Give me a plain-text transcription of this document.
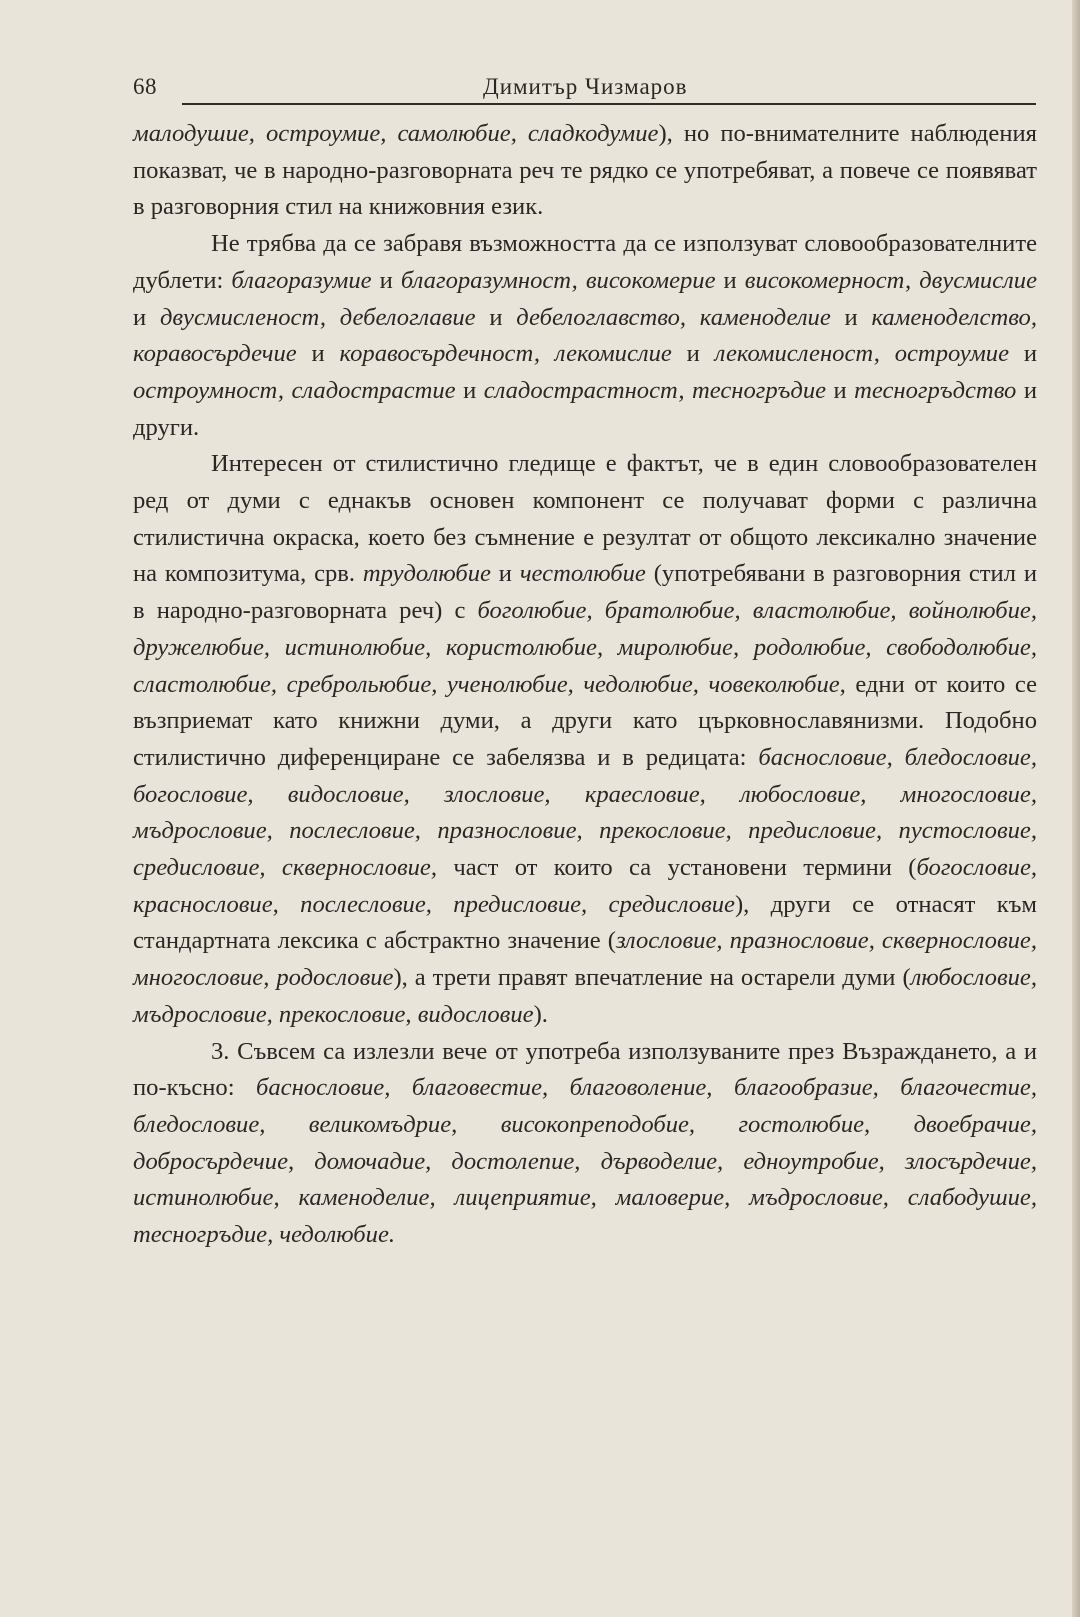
68	Димитър Чизмаров

малодушие, остроумие, самолюбие, сладкодумие), но по-внимателните наблюдения показват, че в народно-разговорната реч те рядко се употребяват, а повече се появяват в разговорния стил на книжовния език.

Не трябва да се забравя възможността да се използуват словообразователните дублети: благоразумие и благоразумност, високомерие и високомерност, двусмислие и двусмисленост, дебелоглавие и дебелоглавство, каменоделие и каменоделство, коравосърдечие и коравосърдечност, лекомислие и лекомисленост, остроумие и остроумност, сладострастие и сладострастност, тесногръдие и тесногръдство и други.

Интересен от стилистично гледище е фактът, че в един словообразователен ред от думи с еднакъв основен компонент се получават форми с различна стилистична окраска, което без съмнение е резултат от общото лексикално значение на композитума, срв. трудолюбие и честолюбие (употребявани в разговорния стил и в народно-разговорната реч) с боголюбие, братолюбие, властолюбие, войнолюбие, дружелюбие, истинолюбие, користолюбие, миролюбие, родолюбие, свободолюбие, сластолюбие, среброльюбие, ученолюбие, чедолюбие, човеколюбие, едни от които се възприемат като книжни думи, а други като църковнославянизми. Подобно стилистично диференциране се забелязва и в редицата: баснословие, бледословие, богословие, видословие, злословие, краесловие, любословие, многословие, мъдрословие, послесловие, празнословие, прекословие, предисловие, пустословие, средисловие, сквернословие, част от които са установени термини (богословие, краснословие, послесловие, предисловие, средисловие), други се отнасят към стандартната лексика с абстрактно значение (злословие, празнословие, сквернословие, многословие, родословие), а трети правят впечатление на остарели думи (любословие, мъдрословие, прекословие, видословие).

3. Съвсем са излезли вече от употреба използуваните през Възраждането, а и по-късно: баснословие, благовестие, благоволение, благообразие, благочестие, бледословие, великомъдрие, високопреподобие, гостолюбие, двоебрачие, добросърдечие, домочадие, достолепие, дърводелие, едноутробие, злосърдечие, истинолюбие, каменоделие, лицеприятие, маловерие, мъдрословие, слабодушие, тесногръдие, чедолюбие.
